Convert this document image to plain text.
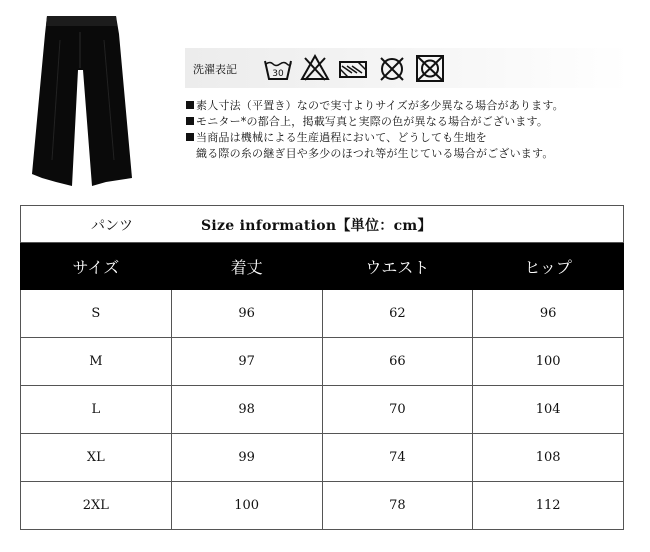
洗濯表記	30
素人寸法（平置き）なので実寸よりサイズが多少異なる場合があります。
モニター*の都合上，掲載写真と実際の色が異なる場合がございます。
当商品は機械による生産過程において、どうしても生地を
織る際の糸の継ぎ目や多少のほつれ等が生じている場合がございます。
パンツ Size information【単位：cm】			

サイズ	着丈	ウエスト	ヒップ
S	96	62	96
M	97	66	100
L	98	70	104
XL	99	74	108
2XL	100	78	112
